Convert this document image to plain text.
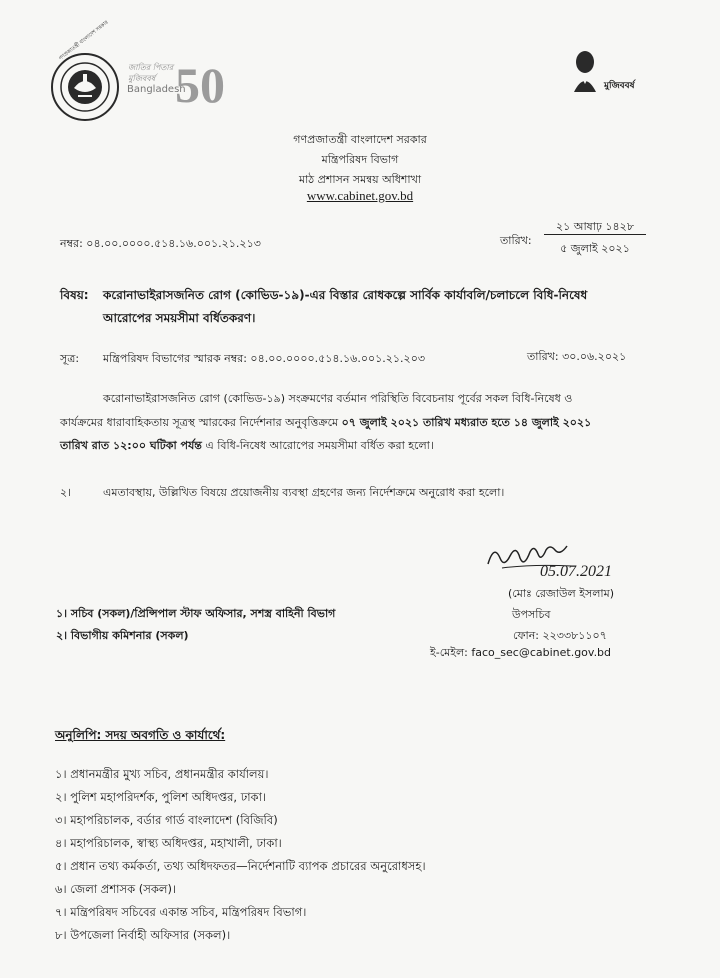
গণপ্রজাতন্ত্রী বাংলাদেশ সরকার
জাতির পিতার
মুজিববর্ষ
Bangladesh
50	মুজিববর্ষ
গণপ্রজাতন্ত্রী বাংলাদেশ সরকার
মন্ত্রিপরিষদ বিভাগ
মাঠ প্রশাসন সমন্বয় অধিশাখা
www.cabinet.gov.bd
নম্বর: ০৪.০০.০০০০.৫১৪.১৬.০০১.২১.২১৩	তারিখ:
২১ আষাঢ় ১৪২৮
৫ জুলাই ২০২১
বিষয়: করোনাভাইরাসজনিত রোগ (কোভিড-১৯)-এর বিস্তার রোধকল্পে সার্বিক কার্যাবলি/চলাচলে বিধি-নিষেধ
আরোপের সময়সীমা বর্ধিতকরণ।
সূত্র: মন্ত্রিপরিষদ বিভাগের স্মারক নম্বর: ০৪.০০.০০০০.৫১৪.১৬.০০১.২১.২০৩	তারিখ: ৩০.০৬.২০২১
করোনাভাইরাসজনিত রোগ (কোভিড-১৯) সংক্রমণের বর্তমান পরিস্থিতি বিবেচনায় পূর্বের সকল বিধি-নিষেধ ও
কার্যক্রমের ধারাবাহিকতায় সূত্রস্থ স্মারকের নির্দেশনার অনুবৃত্তিক্রমে ০৭ জুলাই ২০২১ তারিখ মধ্যরাত হতে ১৪ জুলাই ২০২১
তারিখ রাত ১২:০০ ঘটিকা পর্যন্ত এ বিধি-নিষেধ আরোপের সময়সীমা বর্ধিত করা হলো।
২।	এমতাবস্থায়, উল্লিখিত বিষয়ে প্রয়োজনীয় ব্যবস্থা গ্রহণের জন্য নির্দেশক্রমে অনুরোধ করা হলো।
05.07.2021
(মোঃ রেজাউল ইসলাম)
উপসচিব
ফোন: ২২৩৩৮১১০৭
ই-মেইল: faco_sec@cabinet.gov.bd
১। সচিব (সকল)/প্রিন্সিপাল স্টাফ অফিসার, সশস্ত্র বাহিনী বিভাগ
২। বিভাগীয় কমিশনার (সকল)
অনুলিপি: সদয় অবগতি ও কার্যার্থে:
১। প্রধানমন্ত্রীর মুখ্য সচিব, প্রধানমন্ত্রীর কার্যালয়।
২। পুলিশ মহাপরিদর্শক, পুলিশ অধিদপ্তর, ঢাকা।
৩। মহাপরিচালক, বর্ডার গার্ড বাংলাদেশ (বিজিবি)
৪। মহাপরিচালক, স্বাস্থ্য অধিদপ্তর, মহাখালী, ঢাকা।
৫। প্রধান তথ্য কর্মকর্তা, তথ্য অধিদফতর—নির্দেশনাটি ব্যাপক প্রচারের অনুরোধসহ।
৬। জেলা প্রশাসক (সকল)।
৭। মন্ত্রিপরিষদ সচিবের একান্ত সচিব, মন্ত্রিপরিষদ বিভাগ।
৮। উপজেলা নির্বাহী অফিসার (সকল)।
